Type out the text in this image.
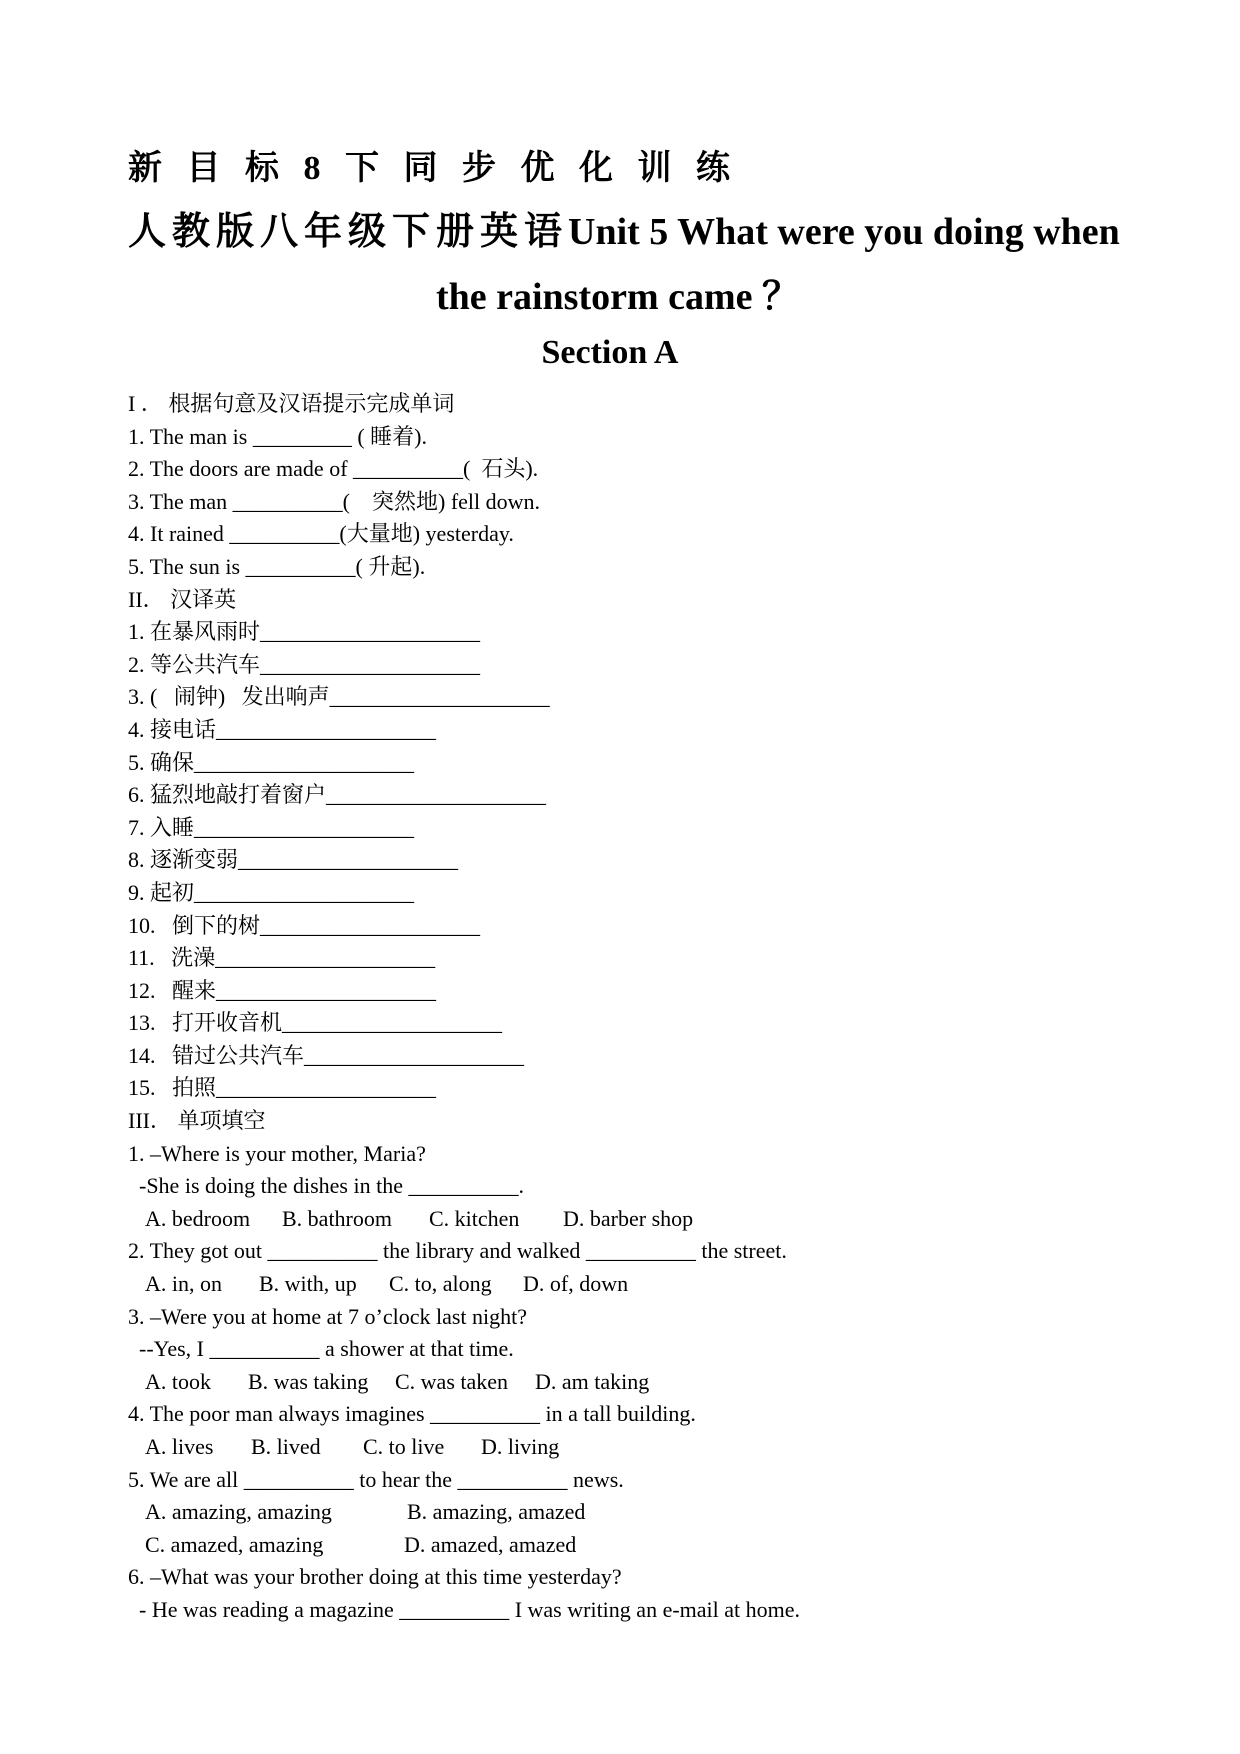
新 目 标 8 下 同 步 优 化 训 练
人教版八年级下册英语Unit 5 What were you doing when
the rainstorm came ？
Section A
I ． 根据句意及汉语提示完成单词
1. The man is _________ ( 睡着).
2. The doors are made of __________(  石头).
3. The man __________(    突然地) fell down.
4. It rained __________(大量地) yesterday.
5. The sun is __________( 升起).
II． 汉译英
1. 在暴风雨时____________________
2. 等公共汽车____________________
3. (   闹钟)   发出响声____________________
4. 接电话____________________
5. 确保____________________
6. 猛烈地敲打着窗户____________________
7. 入睡____________________
8. 逐渐变弱____________________
9. 起初____________________
10.   倒下的树____________________
11.   洗澡____________________
12.   醒来____________________
13.   打开收音机____________________
14.   错过公共汽车____________________
15.   拍照____________________
III． 单项填空
1. –Where is your mother, Maria?
-She is doing the dishes in the __________.
A. bedroom B. bathroom C. kitchen D. barber shop
2. They got out __________ the library and walked __________ the street.
A. in, on B. with, up C. to, along D. of, down
3. –Were you at home at 7 o’clock last night?
--Yes, I __________ a shower at that time.
A. took B. was taking C. was taken D. am taking
4. The poor man always imagines __________ in a tall building.
A. lives B. lived C. to live D. living
5. We are all __________ to hear the __________ news.
A. amazing, amazing	B. amazing, amazed
C. amazed, amazing	D. amazed, amazed
6. –What was your brother doing at this time yesterday?
- He was reading a magazine __________ I was writing an e-mail at home.
